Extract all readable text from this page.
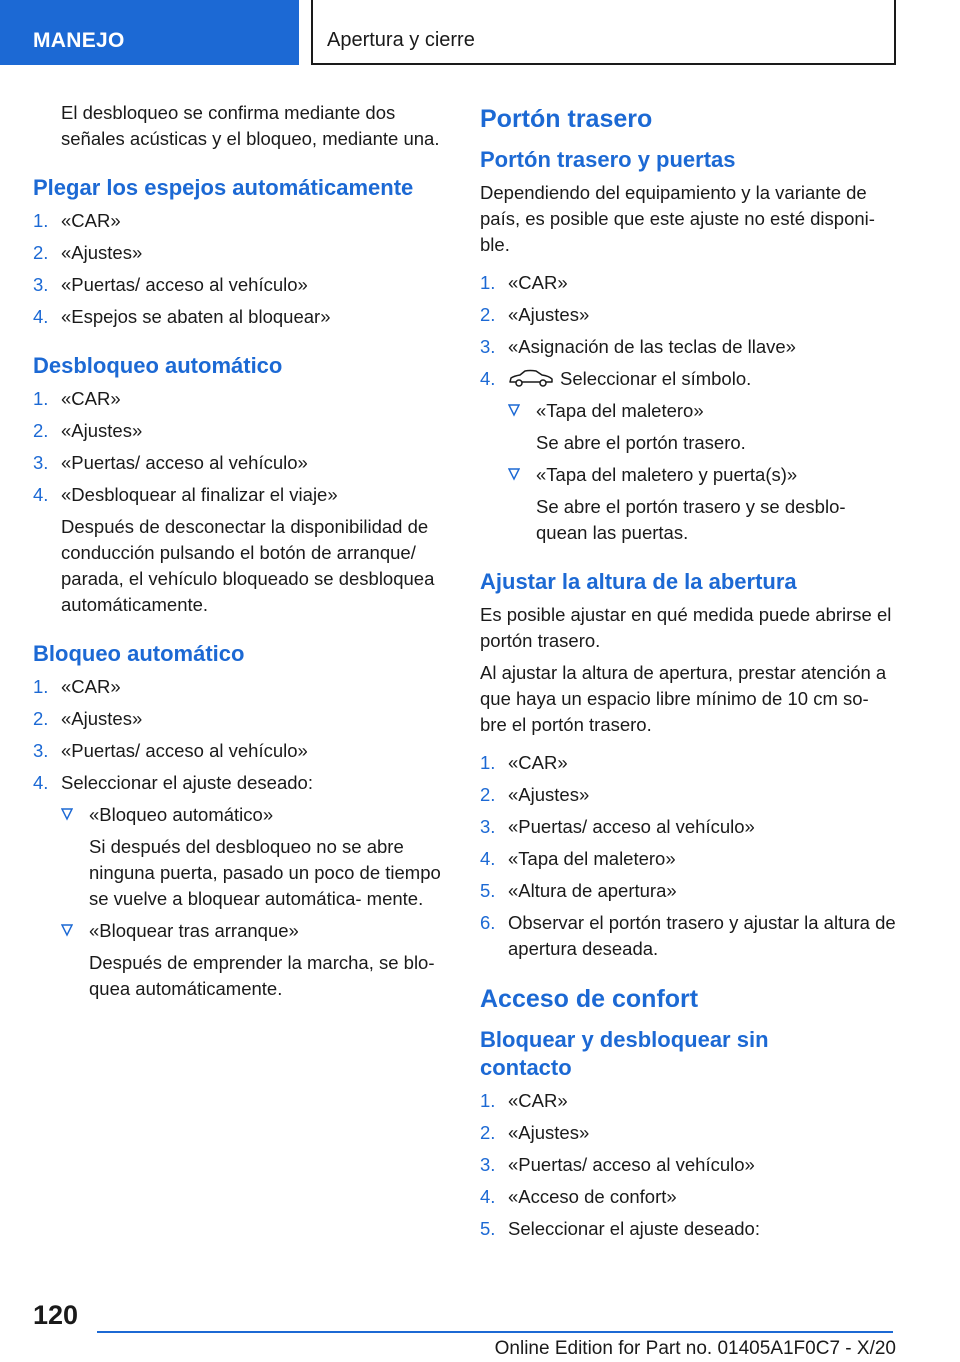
MANEJO	Apertura y cierre

El desbloqueo se confirma mediante dos señales acústicas y el bloqueo, mediante una.

Plegar los espejos automáticamente
1. «CAR»
2. «Ajustes»
3. «Puertas/ acceso al vehículo»
4. «Espejos se abaten al bloquear»
Desbloqueo automático
1. «CAR»
2. «Ajustes»
3. «Puertas/ acceso al vehículo»
4. «Desbloquear al finalizar el viaje»
Después de desconectar la disponibilidad de conducción pulsando el botón de arranque/ parada, el vehículo bloqueado se desbloquea automáticamente.
Bloqueo automático
1. «CAR»
2. «Ajustes»
3. «Puertas/ acceso al vehículo»
4. Seleccionar el ajuste deseado:
«Bloqueo automático»
Si después del desbloqueo no se abre ninguna puerta, pasado un poco de tiempo se vuelve a bloquear automática- mente.
«Bloquear tras arranque»
Después de emprender la marcha, se blo- quea automáticamente.
Portón trasero
Portón trasero y puertas

Dependiendo del equipamiento y la variante de país, es posible que este ajuste no esté disponi- ble.

1. «CAR»
2. «Ajustes»
3. «Asignación de las teclas de llave»
4.	Seleccionar el símbolo.
«Tapa del maletero»
Se abre el portón trasero.
«Tapa del maletero y puerta(s)»
Se abre el portón trasero y se desblo- quean las puertas.
Ajustar la altura de la abertura

Es posible ajustar en qué medida puede abrirse el portón trasero.

Al ajustar la altura de apertura, prestar atención a que haya un espacio libre mínimo de 10 cm so- bre el portón trasero.

1. «CAR»
2. «Ajustes»
3. «Puertas/ acceso al vehículo»
4. «Tapa del maletero»
5. «Altura de apertura»
6. Observar el portón trasero y ajustar la altura de apertura deseada.
Acceso de confort
Bloquear y desbloquear sin contacto
1. «CAR»
2. «Ajustes»
3. «Puertas/ acceso al vehículo»
4. «Acceso de confort»
5. Seleccionar el ajuste deseado:
120
Online Edition for Part no. 01405A1F0C7 - X/20
